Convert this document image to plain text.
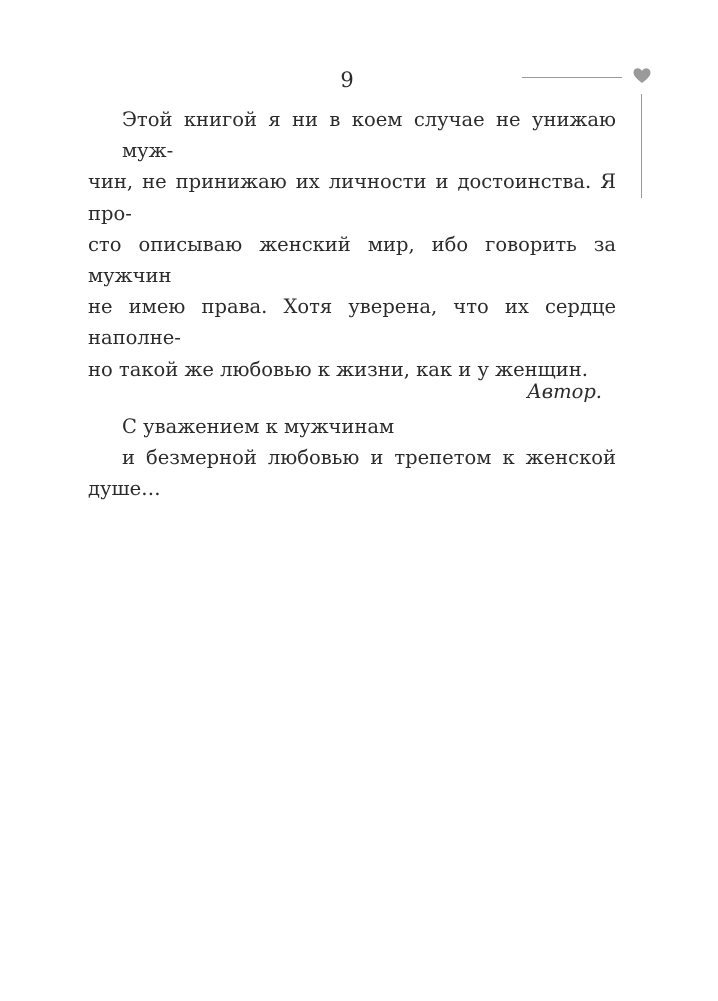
9
Этой книгой я ни в коем случае не унижаю муж-
чин, не принижаю их личности и достоинства. Я про-
сто описываю женский мир, ибо говорить за мужчин
не имею права. Хотя уверена, что их сердце наполне-
но такой же любовью к жизни, как и у женщин.
С уважением к мужчинам
и безмерной любовью и трепетом к женской
душе…
Автор.
